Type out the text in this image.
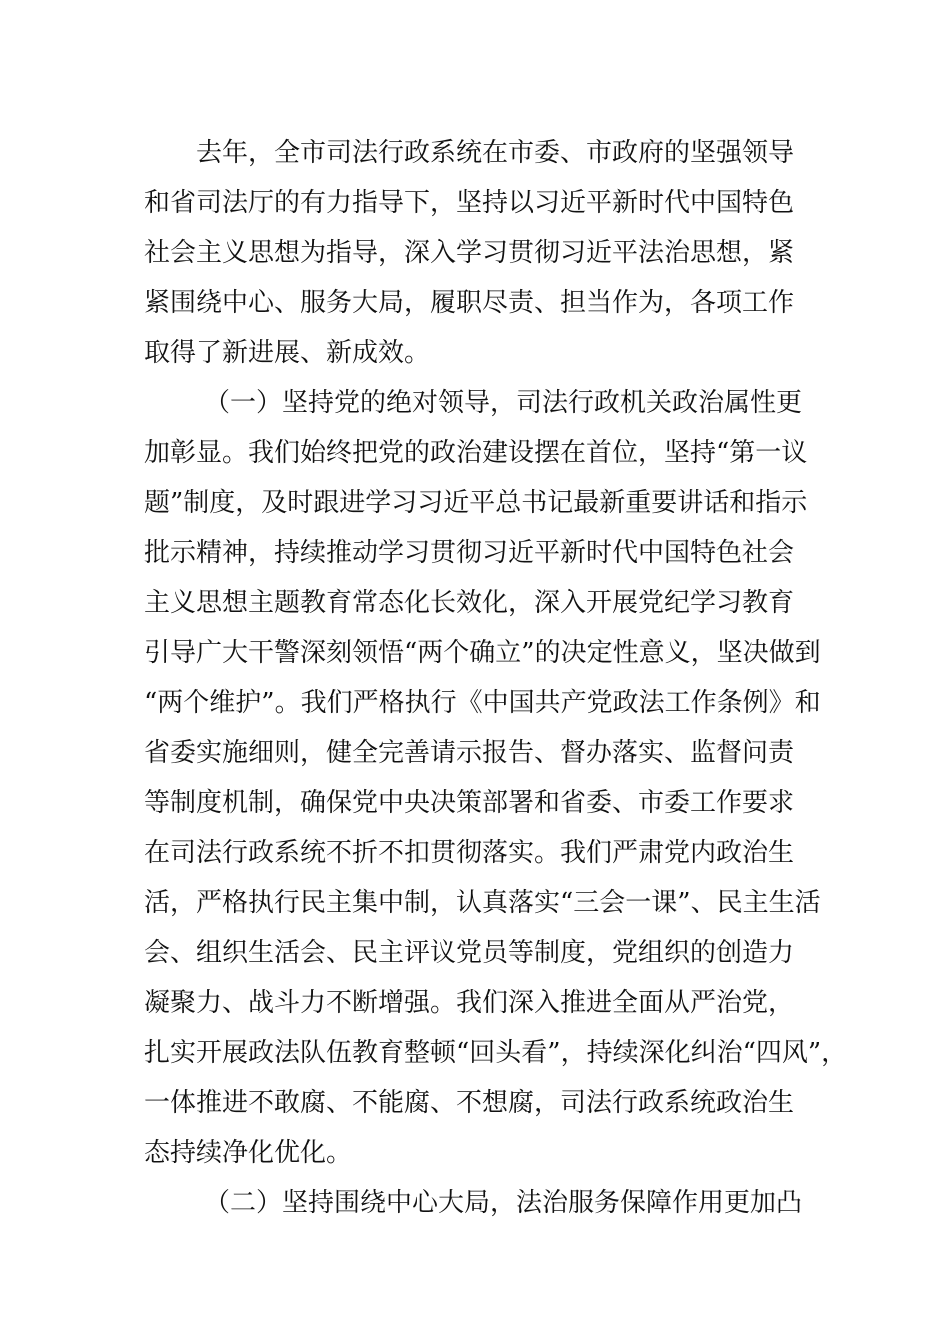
去年，全市司法行政系统在市委、市政府的坚强领导
和省司法厅的有力指导下，坚持以习近平新时代中国特色
社会主义思想为指导，深入学习贯彻习近平法治思想，紧
紧围绕中心、服务大局，履职尽责、担当作为，各项工作
取得了新进展、新成效。
（一）坚持党的绝对领导，司法行政机关政治属性更
加彰显。我们始终把党的政治建设摆在首位，坚持“第一议
题”制度，及时跟进学习习近平总书记最新重要讲话和指示
批示精神，持续推动学习贯彻习近平新时代中国特色社会
主义思想主题教育常态化长效化，深入开展党纪学习教育
引导广大干警深刻领悟“两个确立”的决定性意义，坚决做到
“两个维护”。我们严格执行《中国共产党政法工作条例》和
省委实施细则，健全完善请示报告、督办落实、监督问责
等制度机制，确保党中央决策部署和省委、市委工作要求
在司法行政系统不折不扣贯彻落实。我们严肃党内政治生
活，严格执行民主集中制，认真落实“三会一课”、民主生活
会、组织生活会、民主评议党员等制度，党组织的创造力
凝聚力、战斗力不断增强。我们深入推进全面从严治党，
扎实开展政法队伍教育整顿“回头看”，持续深化纠治“四风”，
一体推进不敢腐、不能腐、不想腐，司法行政系统政治生
态持续净化优化。
（二）坚持围绕中心大局，法治服务保障作用更加凸
